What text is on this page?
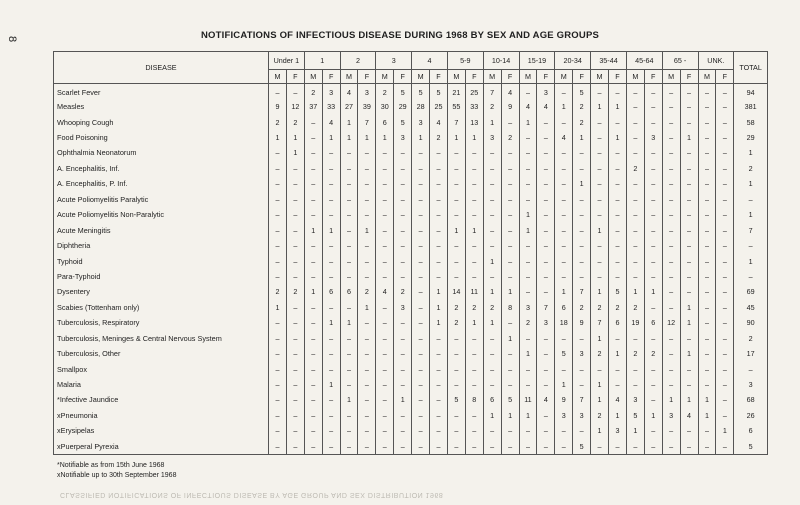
8	NOTIFICATIONS OF INFECTIOUS DISEASE DURING 1968 BY SEX AND AGE GROUPS
DISEASE	Under 1		1		2		3		4		5-9		10-14		15-19		20-34		35-44		45-64		65 -		UNK.		TOTAL
	M	F	M	F	M	F	M	F	M	F	M	F	M	F	M	F	M	F	M	F	M	F	M	F	M	F	
Scarlet Fever	–	–	2	3	4	3	2	5	5	5	21	25	7	4	–	3	–	5	–	–	–	–	–	–	–	–	94
Measles	9	12	37	33	27	39	30	29	28	25	55	33	2	9	4	4	1	2	1	1	–	–	–	–	–	–	381
Whooping Cough	2	2	–	4	1	7	6	5	3	4	7	13	1	–	1	–	–	2	–	–	–	–	–	–	–	–	58
Food Poisoning	1	1	–	1	1	1	1	3	1	2	1	1	3	2	–	–	4	1	–	1	–	3	–	1	–	–	29
Ophthalmia Neonatorum	–	1	–	–	–	–	–	–	–	–	–	–	–	–	–	–	–	–	–	–	–	–	–	–	–	–	1
A. Encephalitis, Inf.	–	–	–	–	–	–	–	–	–	–	–	–	–	–	–	–	–	–	–	–	2	–	–	–	–	–	2
A. Encephalitis, P. Inf.	–	–	–	–	–	–	–	–	–	–	–	–	–	–	–	–	–	1	–	–	–	–	–	–	–	–	1
Acute Poliomyelitis Paralytic	–	–	–	–	–	–	–	–	–	–	–	–	–	–	–	–	–	–	–	–	–	–	–	–	–	–	–
Acute Poliomyelitis Non-Paralytic	–	–	–	–	–	–	–	–	–	–	–	–	–	–	1	–	–	–	–	–	–	–	–	–	–	–	1
Acute Meningitis	–	–	1	1	–	1	–	–	–	–	1	1	–	–	1	–	–	–	1	–	–	–	–	–	–	–	7
Diphtheria	–	–	–	–	–	–	–	–	–	–	–	–	–	–	–	–	–	–	–	–	–	–	–	–	–	–	–
Typhoid	–	–	–	–	–	–	–	–	–	–	–	–	1	–	–	–	–	–	–	–	–	–	–	–	–	–	1
Para-Typhoid	–	–	–	–	–	–	–	–	–	–	–	–	–	–	–	–	–	–	–	–	–	–	–	–	–	–	–
Dysentery	2	2	1	6	6	2	4	2	–	1	14	11	1	1	–	–	1	7	1	5	1	1	–	–	–	–	69
Scabies (Tottenham only)	1	–	–	–	–	1	–	3	–	1	2	2	2	8	3	7	6	2	2	2	2	–	–	1	–	–	45
Tuberculosis, Respiratory	–	–	–	1	1	–	–	–	–	1	2	1	1	–	2	3	18	9	7	6	19	6	12	1	–	–	90
Tuberculosis, Meninges & Central Nervous System	–	–	–	–	–	–	–	–	–	–	–	–	–	1	–	–	–	–	1	–	–	–	–	–	–	–	2
Tuberculosis, Other	–	–	–	–	–	–	–	–	–	–	–	–	–	–	1	–	5	3	2	1	2	2	–	1	–	–	17
Smallpox	–	–	–	–	–	–	–	–	–	–	–	–	–	–	–	–	–	–	–	–	–	–	–	–	–	–	–
Malaria	–	–	–	1	–	–	–	–	–	–	–	–	–	–	–	–	1	–	1	–	–	–	–	–	–	–	3
*Infective Jaundice	–	–	–	–	1	–	–	1	–	–	5	8	6	5	11	4	9	7	1	4	3	–	1	1	1	–	68
xPneumonia	–	–	–	–	–	–	–	–	–	–	–	–	1	1	1	–	3	3	2	1	5	1	3	4	1	–	26
xErysipelas	–	–	–	–	–	–	–	–	–	–	–	–	–	–	–	–	–	–	1	3	1	–	–	–	–	1	6
xPuerperal Pyrexia	–	–	–	–	–	–	–	–	–	–	–	–	–	–	–	–	–	5	–	–	–	–	–	–	–	–	5
*Notifiable as from 15th June 1968
xNotifiable up to 30th September 1968
CLASSIFIED NOTIFICATIONS OF INFECTIOUS DISEASE BY AGE GROUP AND SEX DISTRIBUTION 1968
